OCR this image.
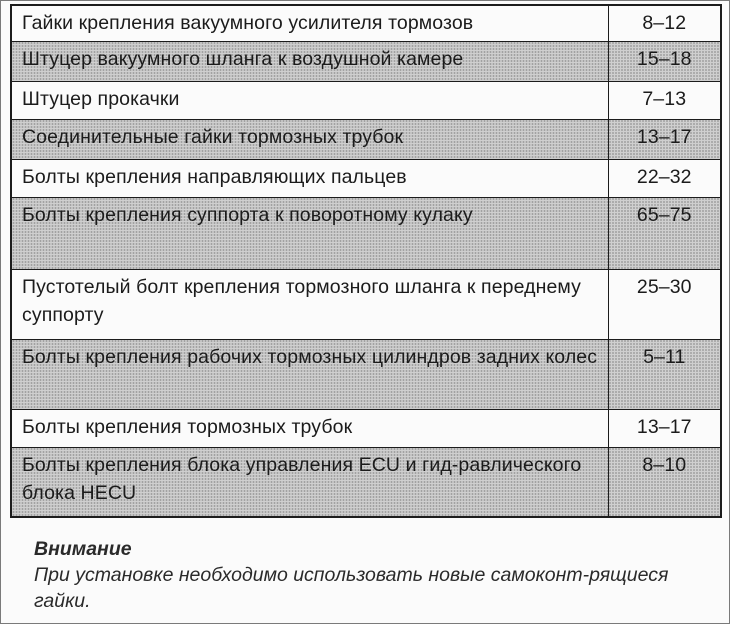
Гайки крепления вакуумного усилителя тормозов	8–12
Штуцер вакуумного шланга к воздушной камере	15–18
Штуцер прокачки	7–13
Соединительные гайки тормозных трубок	13–17
Болты крепления направляющих пальцев	22–32
Болты крепления суппорта к поворотному кулаку	65–75
Пустотелый болт крепления тормозного шланга к переднему суппорту	25–30
Болты крепления рабочих тормозных цилиндров задних колес	5–11
Болты крепления тормозных трубок	13–17
Болты крепления блока управления ECU и гид-равлического блока HECU	8–10
Внимание
При установке необходимо использовать новые самоконт-рящиеся гайки.
